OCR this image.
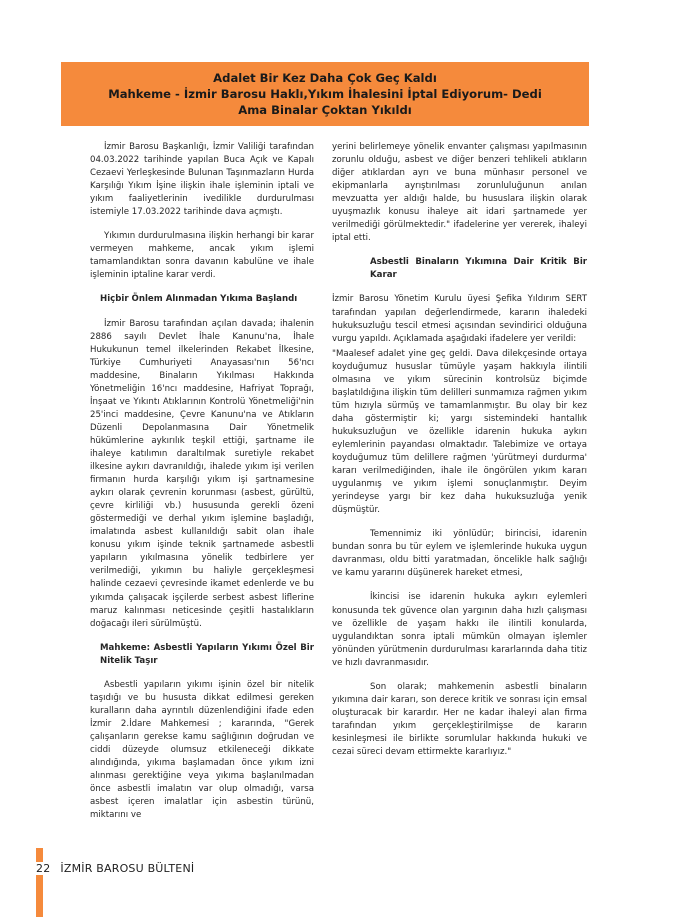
Adalet Bir Kez Daha Çok Geç Kaldı
Mahkeme - İzmir Barosu Haklı,Yıkım İhalesini İptal Ediyorum- Dedi
Ama Binalar Çoktan Yıkıldı

İzmir Barosu Başkanlığı, İzmir Valiliği tarafından 04.03.2022 tarihinde yapılan Buca Açık ve Kapalı Cezaevi Yerleşkesinde Bulunan Taşınmazların Hurda Karşılığı Yıkım İşine ilişkin ihale işleminin iptali ve yıkım faaliyetlerinin ivedilikle durdurulması istemiyle 17.03.2022 tarihinde dava açmıştı.

Yıkımın durdurulmasına ilişkin herhangi bir karar vermeyen mahkeme, ancak yıkım işlemi tamamlandıktan sonra davanın kabulüne ve ihale işleminin iptaline karar verdi.

Hiçbir Önlem Alınmadan Yıkıma Başlandı

İzmir Barosu tarafından açılan davada; ihalenin 2886 sayılı Devlet İhale Kanunu'na, İhale Hukukunun temel ilkelerinden Rekabet İlkesine, Türkiye Cumhuriyeti Anayasası'nın 56'ncı maddesine, Binaların Yıkılması Hakkında Yönetmeliğin 16'ncı maddesine, Hafriyat Toprağı, İnşaat ve Yıkıntı Atıklarının Kontrolü Yönetmeliği'nin 25'inci maddesine, Çevre Kanunu'na ve Atıkların Düzenli Depolanmasına Dair Yönetmelik hükümlerine aykırılık teşkil ettiği, şartname ile ihaleye katılımın daraltılmak suretiyle rekabet ilkesine aykırı davranıldığı, ihalede yıkım işi verilen firmanın hurda karşılığı yıkım işi şartnamesine aykırı olarak çevrenin korunması (asbest, gürültü, çevre kirliliği vb.) hususunda gerekli özeni göstermediği ve derhal yıkım işlemine başladığı, imalatında asbest kullanıldığı sabit olan ihale konusu yıkım işinde teknik şartnamede asbestli yapıların yıkılmasına yönelik tedbirlere yer verilmediği, yıkımın bu haliyle gerçekleşmesi halinde cezaevi çevresinde ikamet edenlerde ve bu yıkımda çalışacak işçilerde serbest asbest liflerine maruz kalınması neticesinde çeşitli hastalıkların doğacağı ileri sürülmüştü.

Mahkeme: Asbestli Yapıların Yıkımı Özel Bir Nitelik Taşır

Asbestli yapıların yıkımı işinin özel bir nitelik taşıdığı ve bu hususta dikkat edilmesi gereken kuralların daha ayrıntılı düzenlendiğini ifade eden İzmir 2.İdare Mahkemesi ; kararında, "Gerek çalışanların gerekse kamu sağlığının doğrudan ve ciddi düzeyde olumsuz etkileneceği dikkate alındığında, yıkıma başlamadan önce yıkım izni alınması gerektiğine veya yıkıma başlanılmadan önce asbestli imalatın var olup olmadığı, varsa asbest içeren imalatlar için asbestin türünü, miktarını ve

yerini belirlemeye yönelik envanter çalışması yapılmasının zorunlu olduğu, asbest ve diğer benzeri tehlikeli atıkların diğer atıklardan ayrı ve buna münhasır personel ve ekipmanlarla ayrıştırılması zorunluluğunun anılan mevzuatta yer aldığı halde, bu hususlara ilişkin olarak uyuşmazlık konusu ihaleye ait idari şartnamede yer verilmediği görülmektedir." ifadelerine yer vererek, ihaleyi iptal etti.

Asbestli Binaların Yıkımına Dair Kritik Bir Karar

İzmir Barosu Yönetim Kurulu üyesi Şefika Yıldırım SERT tarafından yapılan değerlendirmede, kararın ihaledeki hukuksuzluğu tescil etmesi açısından sevindirici olduğuna vurgu yapıldı. Açıklamada aşağıdaki ifadelere yer verildi:

"Maalesef adalet yine geç geldi. Dava dilekçesinde ortaya koyduğumuz hususlar tümüyle yaşam hakkıyla ilintili olmasına ve yıkım sürecinin kontrolsüz biçimde başlatıldığına ilişkin tüm delilleri sunmamıza rağmen yıkım tüm hızıyla sürmüş ve tamamlanmıştır. Bu olay bir kez daha göstermiştir ki; yargı sistemindeki hantallık hukuksuzluğun ve özellikle idarenin hukuka aykırı eylemlerinin payandası olmaktadır. Talebimize ve ortaya koyduğumuz tüm delillere rağmen 'yürütmeyi durdurma' kararı verilmediğinden, ihale ile öngörülen yıkım kararı uygulanmış ve yıkım işlemi sonuçlanmıştır. Deyim yerindeyse yargı bir kez daha hukuksuzluğa yenik düşmüştür.

Temennimiz iki yönlüdür; birincisi, idarenin bundan sonra bu tür eylem ve işlemlerinde hukuka uygun davranması, oldu bitti yaratmadan, öncelikle halk sağlığı ve kamu yararını düşünerek hareket etmesi,

İkincisi ise idarenin hukuka aykırı eylemleri konusunda tek güvence olan yargının daha hızlı çalışması ve özellikle de yaşam hakkı ile ilintili konularda, uygulandıktan sonra iptali mümkün olmayan işlemler yönünden yürütmenin durdurulması kararlarında daha titiz ve hızlı davranmasıdır.

Son olarak; mahkemenin asbestli binaların yıkımına dair kararı, son derece kritik ve sonrası için emsal oluşturacak bir karardır. Her ne kadar ihaleyi alan firma tarafından yıkım gerçekleştirilmişse de kararın kesinleşmesi ile birlikte sorumlular hakkında hukuki ve cezai süreci devam ettirmekte kararlıyız."

22 İZMİR BAROSU BÜLTENİ
